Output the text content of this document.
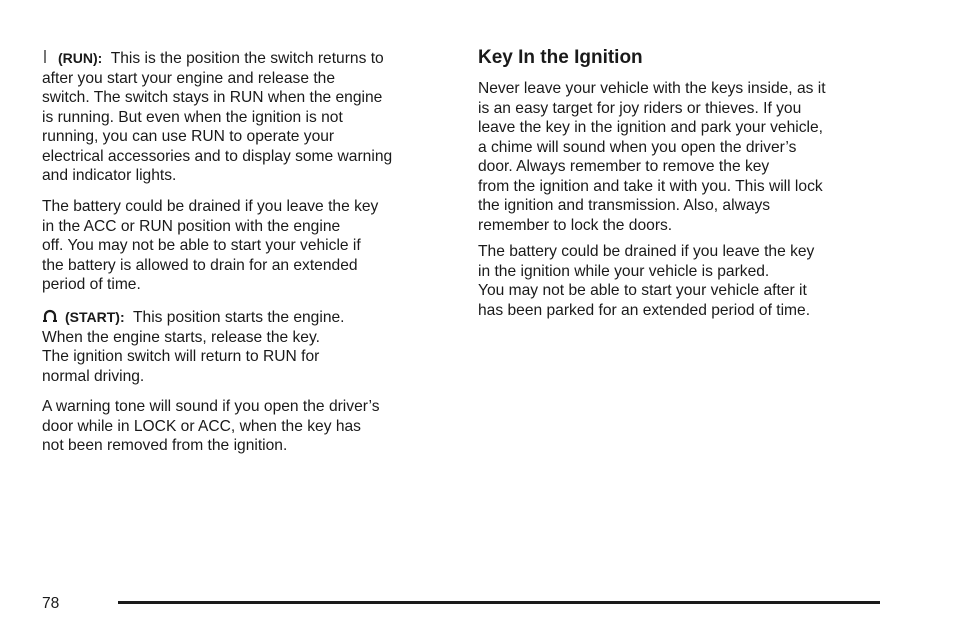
(RUN): This is the position the switch returns to
after you start your engine and release the
switch. The switch stays in RUN when the engine
is running. But even when the ignition is not
running, you can use RUN to operate your
electrical accessories and to display some warning
and indicator lights.

The battery could be drained if you leave the key
in the ACC or RUN position with the engine
off. You may not be able to start your vehicle if
the battery is allowed to drain for an extended
period of time.

(START): This position starts the engine.
When the engine starts, release the key.
The ignition switch will return to RUN for
normal driving.

A warning tone will sound if you open the driver’s
door while in LOCK or ACC, when the key has
not been removed from the ignition.

Key In the Ignition

Never leave your vehicle with the keys inside, as it
is an easy target for joy riders or thieves. If you
leave the key in the ignition and park your vehicle,
a chime will sound when you open the driver’s
door. Always remember to remove the key
from the ignition and take it with you. This will lock
the ignition and transmission. Also, always
remember to lock the doors.

The battery could be drained if you leave the key
in the ignition while your vehicle is parked.
You may not be able to start your vehicle after it
has been parked for an extended period of time.

78
